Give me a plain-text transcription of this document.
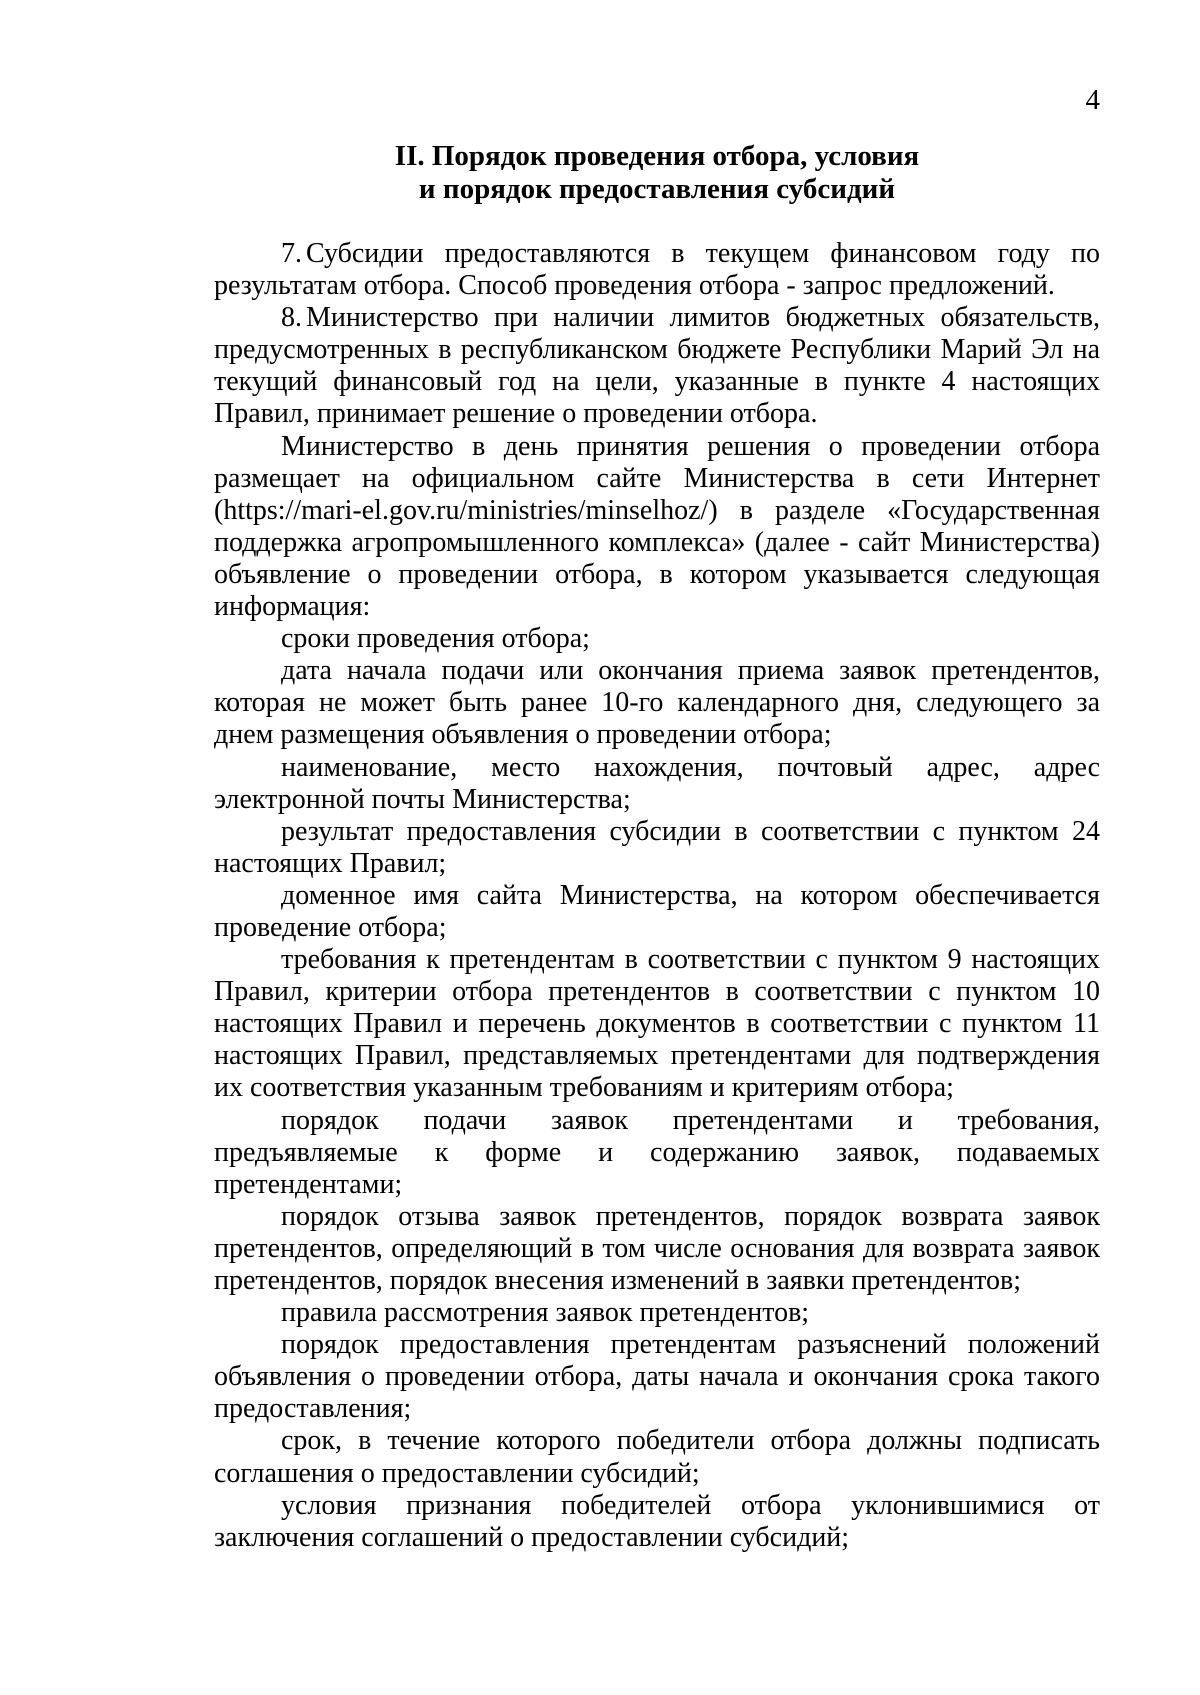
4
II. Порядок проведения отбора, условия
и порядок предоставления субсидий

7. Субсидии предоставляются в текущем финансовом году по результатам отбора. Способ проведения отбора - запрос предложений.

8. Министерство при наличии лимитов бюджетных обязательств, предусмотренных в республиканском бюджете Республики Марий Эл на текущий финансовый год на цели, указанные в пункте 4 настоящих Правил, принимает решение о проведении отбора.

Министерство в день принятия решения о проведении отбора размещает на официальном сайте Министерства в сети Интернет (https://mari-el.gov.ru/ministries/minselhoz/) в разделе «Государственная поддержка агропромышленного комплекса» (далее - сайт Министерства) объявление о проведении отбора, в котором указывается следующая информация:

сроки проведения отбора;

дата начала подачи или окончания приема заявок претендентов, которая не может быть ранее 10-го календарного дня, следующего за днем размещения объявления о проведении отбора;

наименование, место нахождения, почтовый адрес, адрес электронной почты Министерства;

результат предоставления субсидии в соответствии с пунктом 24 настоящих Правил;

доменное имя сайта Министерства, на котором обеспечивается проведение отбора;

требования к претендентам в соответствии с пунктом 9 настоящих Правил, критерии отбора претендентов в соответствии с пунктом 10 настоящих Правил и перечень документов в соответствии с пунктом 11 настоящих Правил, представляемых претендентами для подтверждения их соответствия указанным требованиям и критериям отбора;

порядок подачи заявок претендентами и требования, предъявляемые к форме и содержанию заявок, подаваемых претендентами;

порядок отзыва заявок претендентов, порядок возврата заявок претендентов, определяющий в том числе основания для возврата заявок претендентов, порядок внесения изменений в заявки претендентов;

правила рассмотрения заявок претендентов;

порядок предоставления претендентам разъяснений положений объявления о проведении отбора, даты начала и окончания срока такого предоставления;

срок, в течение которого победители отбора должны подписать соглашения о предоставлении субсидий;

условия признания победителей отбора уклонившимися от заключения соглашений о предоставлении субсидий;
